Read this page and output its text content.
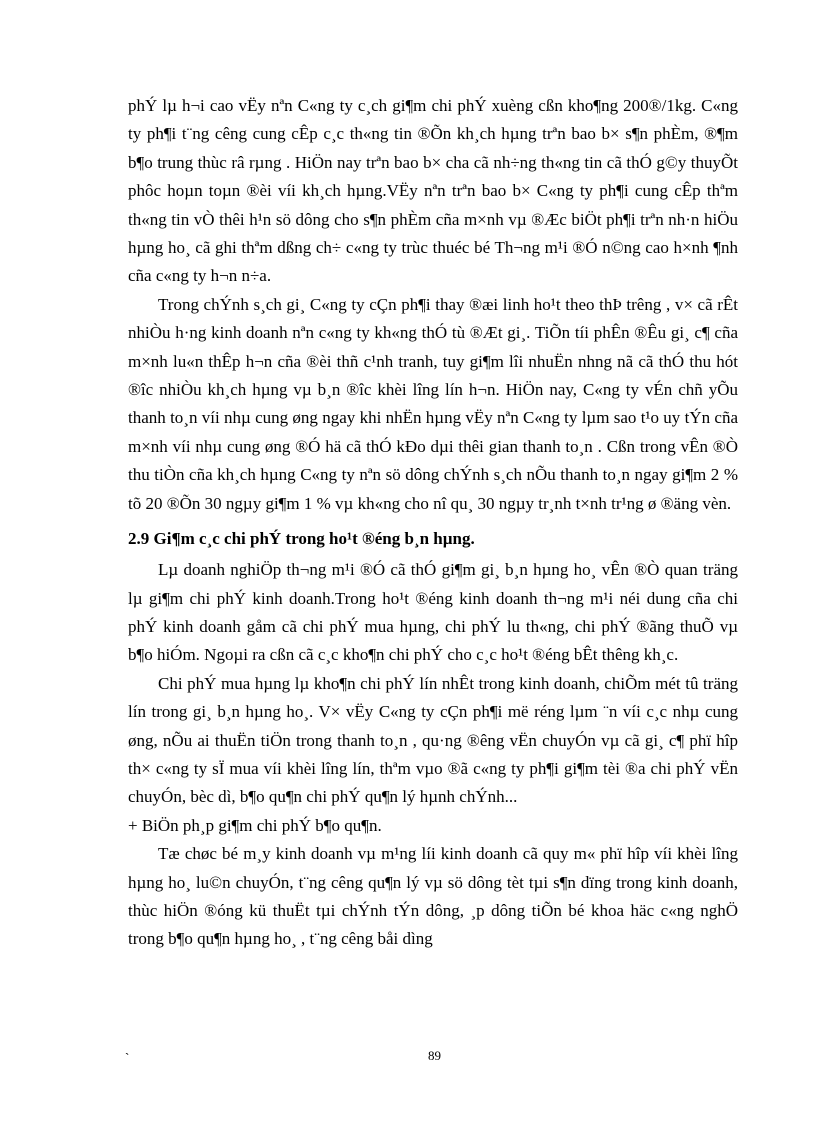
phÝ lµ h¬i cao vËy nªn C«ng ty c¸ch gi¶m chi phÝ xuèng cßn kho¶ng 200®/1kg. C«ng ty ph¶i t¨ng cêng cung cÊp c¸c th«ng tin ®Õn kh¸ch hµng trªn bao b× s¶n phÈm, ®¶m b¶o trung thùc râ rµng . HiÖn nay trªn bao b× cha cã nh÷ng th«ng tin cã thÓ g©y thuyÕt phôc hoµn toµn ®èi víi kh¸ch hµng.VËy nªn trªn bao b× C«ng ty ph¶i cung cÊp thªm th«ng tin vÒ thêi h¹n sö dông cho s¶n phÈm cña m×nh vµ ®Æc biÖt ph¶i trªn nh·n hiÖu hµng ho¸ cã ghi thªm dßng ch÷ c«ng ty trùc thuéc bé Th¬ng m¹i ®Ó n©ng cao h×nh ¶nh cña c«ng ty h¬n n÷a.

Trong chÝnh s¸ch gi¸ C«ng ty cÇn ph¶i thay ®æi linh ho¹t theo thÞ trêng , v× cã rÊt nhiÒu h·ng kinh doanh nªn c«ng ty kh«ng thÓ tù ®Æt gi¸. TiÕn tíi phÊn ®Êu gi¸ c¶ cña m×nh lu«n thÊp h¬n cña ®èi thñ c¹nh tranh, tuy gi¶m lîi nhuËn nhng nã cã thÓ thu hót ®îc nhiÒu kh¸ch hµng vµ b¸n ®îc khèi lîng lín h¬n. HiÖn nay, C«ng ty vÉn chñ yÕu thanh to¸n víi nhµ cung øng ngay khi nhËn hµng vËy nªn C«ng ty lµm sao t¹o uy tÝn cña m×nh víi nhµ cung øng ®Ó hä cã thÓ kÐo dµi thêi gian thanh to¸n . Cßn trong vÊn ®Ò thu tiÒn cña kh¸ch hµng C«ng ty nªn sö dông chÝnh s¸ch nÕu thanh to¸n ngay gi¶m 2 % tõ 20 ®Õn 30 ngµy gi¶m 1 % vµ kh«ng cho nî qu¸ 30 ngµy tr¸nh t×nh tr¹ng ø ®äng vèn.

2.9 Gi¶m c¸c chi phÝ trong ho¹t ®éng b¸n hµng.

Lµ doanh nghiÖp th¬ng m¹i ®Ó cã thÓ gi¶m gi¸ b¸n hµng ho¸ vÊn ®Ò quan träng lµ gi¶m chi phÝ kinh doanh.Trong ho¹t ®éng kinh doanh th¬ng m¹i néi dung cña chi phÝ kinh doanh gåm cã chi phÝ mua hµng, chi phÝ lu th«ng, chi phÝ ®ãng thuÕ vµ b¶o hiÓm. Ngoµi ra cßn cã c¸c kho¶n chi phÝ cho c¸c ho¹t ®éng bÊt thêng kh¸c.

Chi phÝ mua hµng lµ kho¶n chi phÝ lín nhÊt trong kinh doanh, chiÕm mét tû träng lín trong gi¸ b¸n hµng ho¸. V× vËy C«ng ty cÇn ph¶i më réng lµm ¨n víi c¸c nhµ cung øng, nÕu ai thuËn tiÖn trong thanh to¸n , qu·ng ®êng vËn chuyÓn vµ cã gi¸ c¶ phï hîp th× c«ng ty sÏ mua víi khèi lîng lín, thªm vµo ®ã c«ng ty ph¶i gi¶m tèi ®a chi phÝ vËn chuyÓn, bèc dì, b¶o qu¶n chi phÝ qu¶n lý hµnh chÝnh...

+ BiÖn ph¸p gi¶m chi phÝ b¶o qu¶n.

Tæ chøc bé m¸y kinh doanh vµ m¹ng líi kinh doanh cã quy m« phï hîp víi khèi lîng hµng ho¸ lu©n chuyÓn, t¨ng cêng qu¶n lý vµ sö dông tèt tµi s¶n dïng trong kinh doanh, thùc hiÖn ®óng kü thuËt tµi chÝnh tÝn dông, ¸p dông tiÕn bé khoa häc c«ng nghÖ trong b¶o qu¶n hµng ho¸ , t¨ng cêng båi dìng

`	89
